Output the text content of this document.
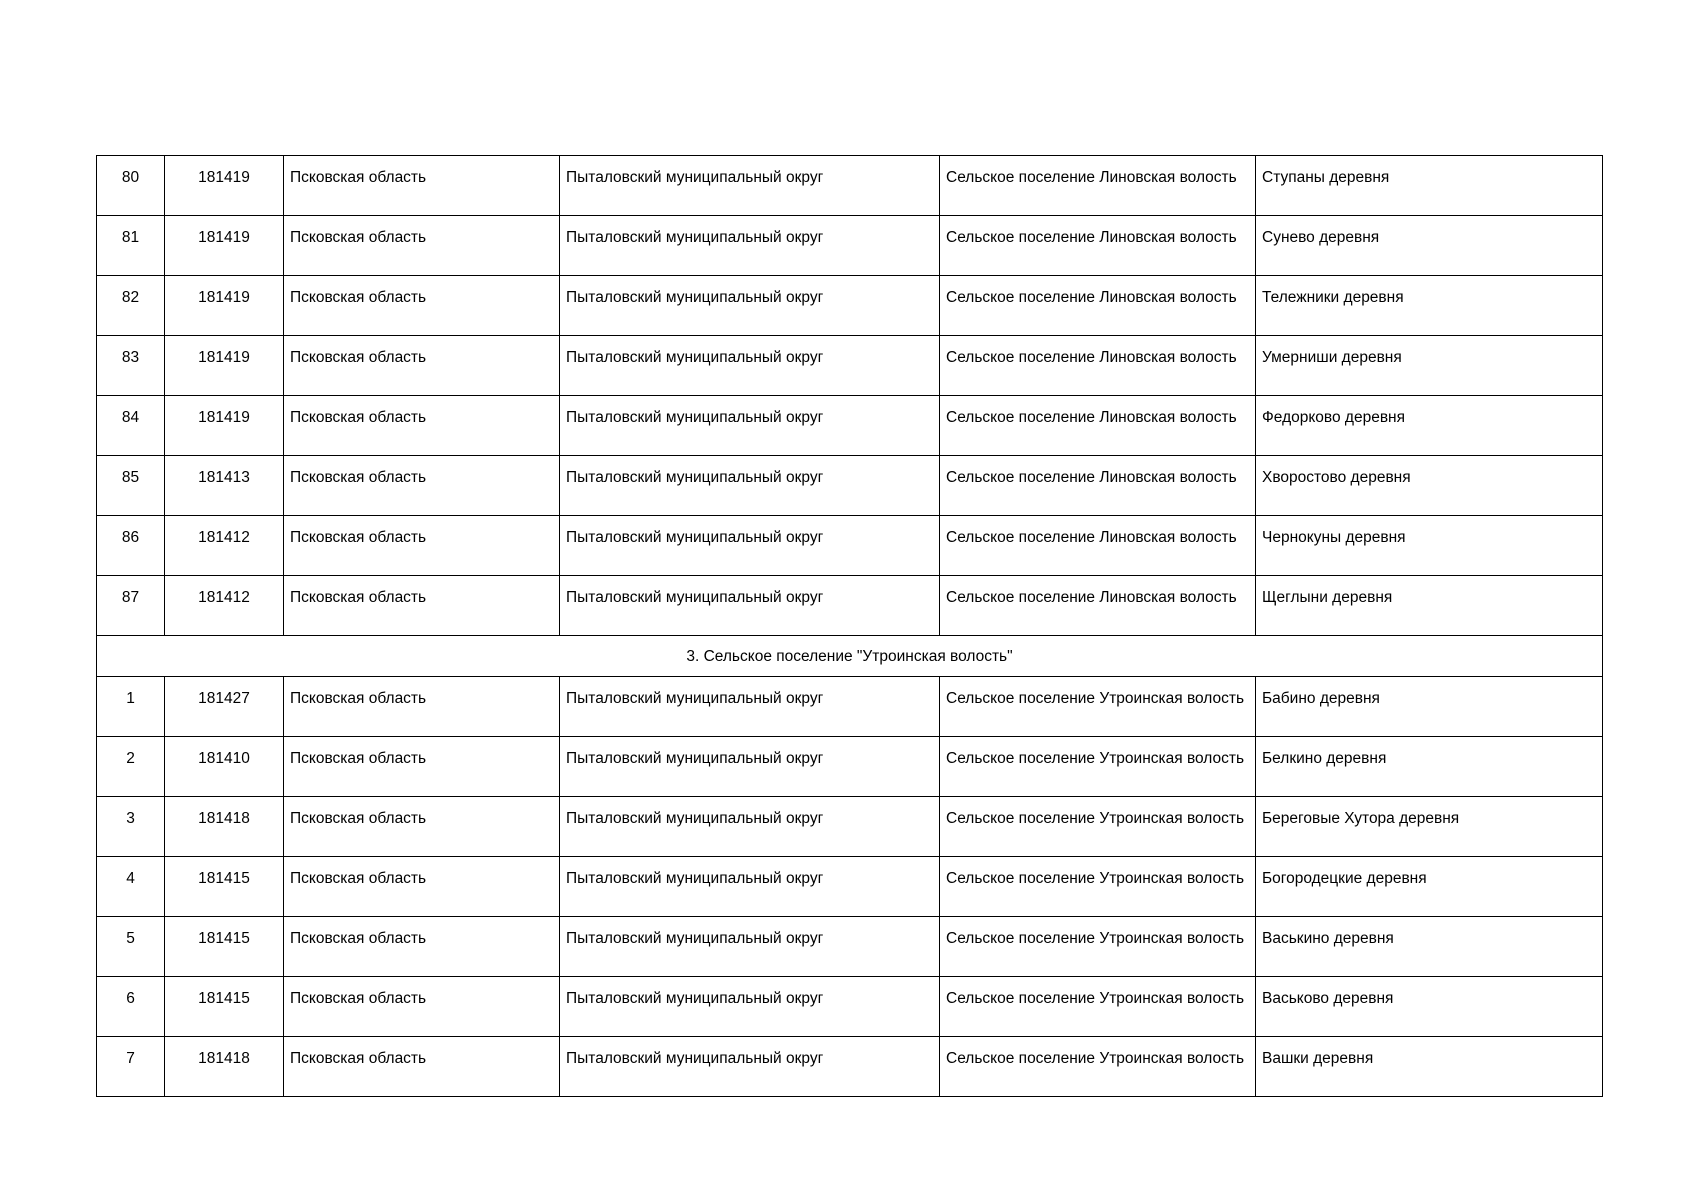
80	181419	Псковская область	Пыталовский муниципальный округ	Сельское поселение Линовская волость	Ступаны деревня
81	181419	Псковская область	Пыталовский муниципальный округ	Сельское поселение Линовская волость	Сунево деревня
82	181419	Псковская область	Пыталовский муниципальный округ	Сельское поселение Линовская волость	Тележники деревня
83	181419	Псковская область	Пыталовский муниципальный округ	Сельское поселение Линовская волость	Умерниши деревня
84	181419	Псковская область	Пыталовский муниципальный округ	Сельское поселение Линовская волость	Федорково деревня
85	181413	Псковская область	Пыталовский муниципальный округ	Сельское поселение Линовская волость	Хворостово деревня
86	181412	Псковская область	Пыталовский муниципальный округ	Сельское поселение Линовская волость	Чернокуны деревня
87	181412	Псковская область	Пыталовский муниципальный округ	Сельское поселение Линовская волость	Щеглыни деревня
3. Сельское поселение "Утроинская волость"					
1	181427	Псковская область	Пыталовский муниципальный округ	Сельское поселение Утроинская волость	Бабино деревня
2	181410	Псковская область	Пыталовский муниципальный округ	Сельское поселение Утроинская волость	Белкино деревня
3	181418	Псковская область	Пыталовский муниципальный округ	Сельское поселение Утроинская волость	Береговые Хутора деревня
4	181415	Псковская область	Пыталовский муниципальный округ	Сельское поселение Утроинская волость	Богородецкие деревня
5	181415	Псковская область	Пыталовский муниципальный округ	Сельское поселение Утроинская волость	Васькино деревня
6	181415	Псковская область	Пыталовский муниципальный округ	Сельское поселение Утроинская волость	Васьково деревня
7	181418	Псковская область	Пыталовский муниципальный округ	Сельское поселение Утроинская волость	Вашки деревня
